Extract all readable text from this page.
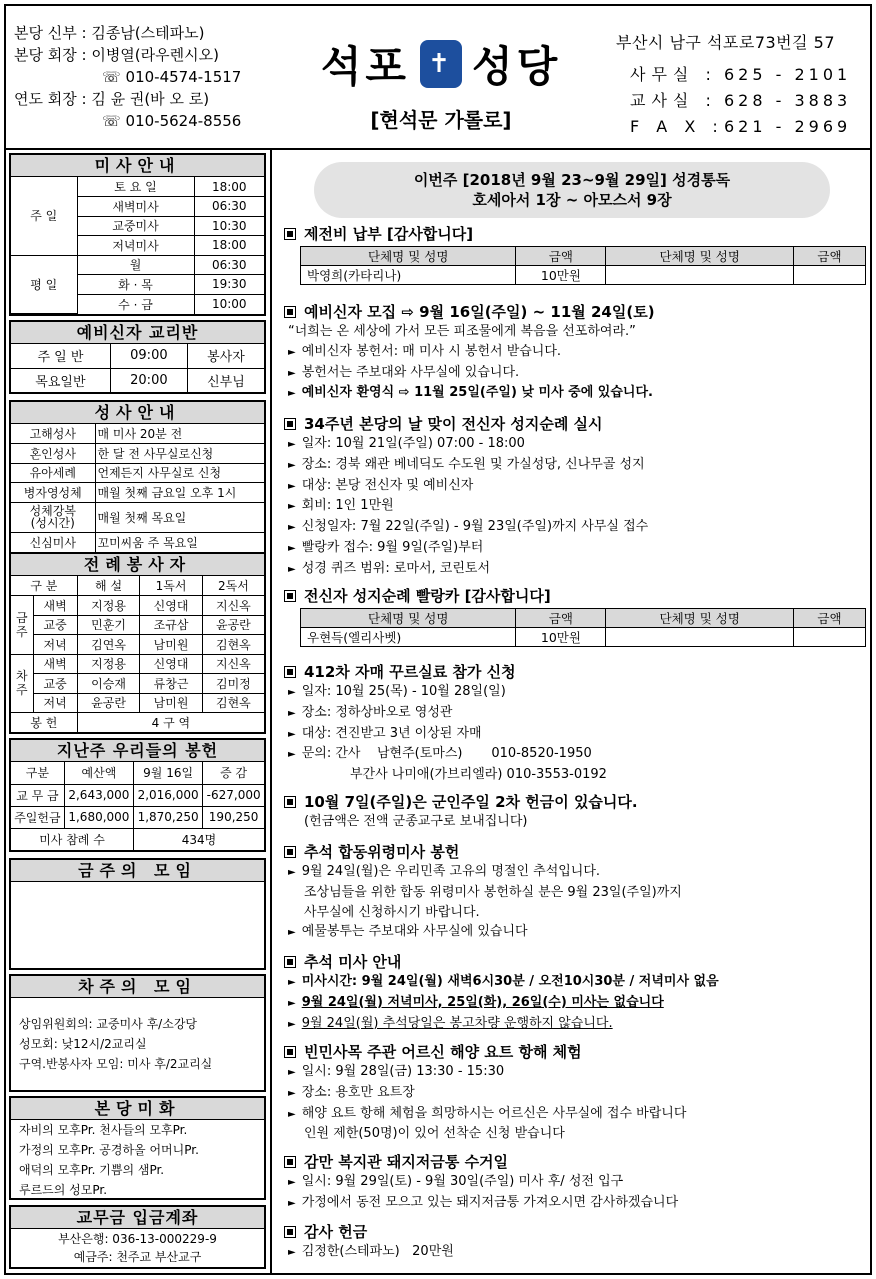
본당 신부 : 김종남(스테파노)
본당 회장 : 이병열(라우렌시오)
☏ 010-4574-1517
연도 회장 : 김 윤 권(바 오 로)
☏ 010-5624-8556
석포 ✝ 성당
[현석문 가롤로]
부산시 남구 석포로73번길 57
사무실 : 625 - 2101
교사실 : 628 - 3883
F A X : 621 - 2969
미사안내
주 일	토 요 일	18:00
	새벽미사	06:30
	교중미사	10:30
	저녁미사	18:00
평 일	월	06:30
	화 · 목	19:30
	수 · 금	10:00
예비신자 교리반
주 일 반	09:00	봉사자
목요일반	20:00	신부님
성사안내
고해성사	매 미사 20분 전
혼인성사	한 달 전 사무실로신청
유아세례	언제든지 사무실로 신청
병자영성체	매월 첫째 금요일 오후 1시
성체강복
(성시간)	매월 첫째 목요일
신심미사	꼬미씨움 주 목요일
전례봉사자
구 분		해 설	1독서	2독서
금주	새벽	지정용	신영대	지신옥
	교중	민훈기	조규삼	윤공란
	저녁	김연옥	남미원	김현옥
차주	새벽	지정용	신영대	지신옥
	교중	이승재	류창근	김미정
	저녁	윤공란	남미원	김현옥
봉 헌		4 구 역		
지난주 우리들의 봉헌
구분	예산액	9월 16일	증 감
교 무 금	2,643,000	2,016,000	-627,000
주일헌금	1,680,000	1,870,250	190,250
미사 참례 수		434명	
금주의 모임
차주의 모임
상임위원회의: 교중미사 후/소강당
성모회: 낮12시/2교리실
구역.반봉사자 모임: 미사 후/2교리실
본당미화
자비의 모후Pr. 천사들의 모후Pr.
가정의 모후Pr. 공경하올 어머니Pr.
애덕의 모후Pr. 기쁨의 샘Pr.
루르드의 성모Pr.
교무금 입금계좌
부산은행: 036-13-000229-9
예금주: 천주교 부산교구
이번주 [2018년 9월 23~9월 29일] 성경통독
호세아서 1장 ~ 아모스서 9장
제전비 납부 [감사합니다]
단체명 및 성명	금액	단체명 및 성명	금액
박영희(카타리나)	10만원		
예비신자 모집 ⇨ 9월 16일(주일) ~ 11월 24일(토)
“너희는 온 세상에 가서 모든 피조물에게 복음을 선포하여라.”
► 예비신자 봉헌서: 매 미사 시 봉헌서 받습니다.
► 봉헌서는 주보대와 사무실에 있습니다.
► 예비신자 환영식 ⇨ 11월 25일(주일) 낮 미사 중에 있습니다.
34주년 본당의 날 맞이 전신자 성지순례 실시
► 일자: 10월 21일(주일) 07:00 - 18:00
► 장소: 경북 왜관 베네딕도 수도원 및 가실성당, 신나무골 성지
► 대상: 본당 전신자 및 예비신자
► 회비: 1인 1만원
► 신청일자: 7월 22일(주일) - 9월 23일(주일)까지 사무실 접수
► 빨랑카 접수: 9월 9일(주일)부터
► 성경 퀴즈 범위: 로마서, 코린토서
전신자 성지순례 빨랑카 [감사합니다]
단체명 및 성명	금액	단체명 및 성명	금액
우현득(엘리사벳)	10만원		
412차 자매 꾸르실료 참가 신청
► 일자: 10월 25(목) - 10월 28일(일)
► 장소: 정하상바오로 영성관
► 대상: 견진받고 3년 이상된 자매
► 문의: 간사    남현주(토마스)       010-8520-1950
부간사 나미애(가브리엘라) 010-3553-0192
10월 7일(주일)은 군인주일 2차 헌금이 있습니다.
(헌금액은 전액 군종교구로 보내집니다)
추석 합동위령미사 봉헌
► 9월 24일(월)은 우리민족 고유의 명절인 추석입니다.
조상님들을 위한 합동 위령미사 봉헌하실 분은 9월 23일(주일)까지
사무실에 신청하시기 바랍니다.
► 예물봉투는 주보대와 사무실에 있습니다
추석 미사 안내
► 미사시간: 9월 24일(월) 새벽6시30분 / 오전10시30분 / 저녁미사 없음
► 9월 24일(월) 저녁미사, 25일(화), 26일(수) 미사는 없습니다
► 9월 24일(월) 추석당일은 봉고차량 운행하지 않습니다.
빈민사목 주관 어르신 해양 요트 항해 체험
► 일시: 9월 28일(금) 13:30 - 15:30
► 장소: 용호만 요트장
► 해양 요트 항해 체험을 희망하시는 어르신은 사무실에 접수 바랍니다
인원 제한(50명)이 있어 선착순 신청 받습니다
감만 복지관 돼지저금통 수거일
► 일시: 9월 29일(토) - 9월 30일(주일) 미사 후/ 성전 입구
► 가정에서 동전 모으고 있는 돼지저금통 가져오시면 감사하겠습니다
감사 헌금
► 김정한(스테파노)   20만원
